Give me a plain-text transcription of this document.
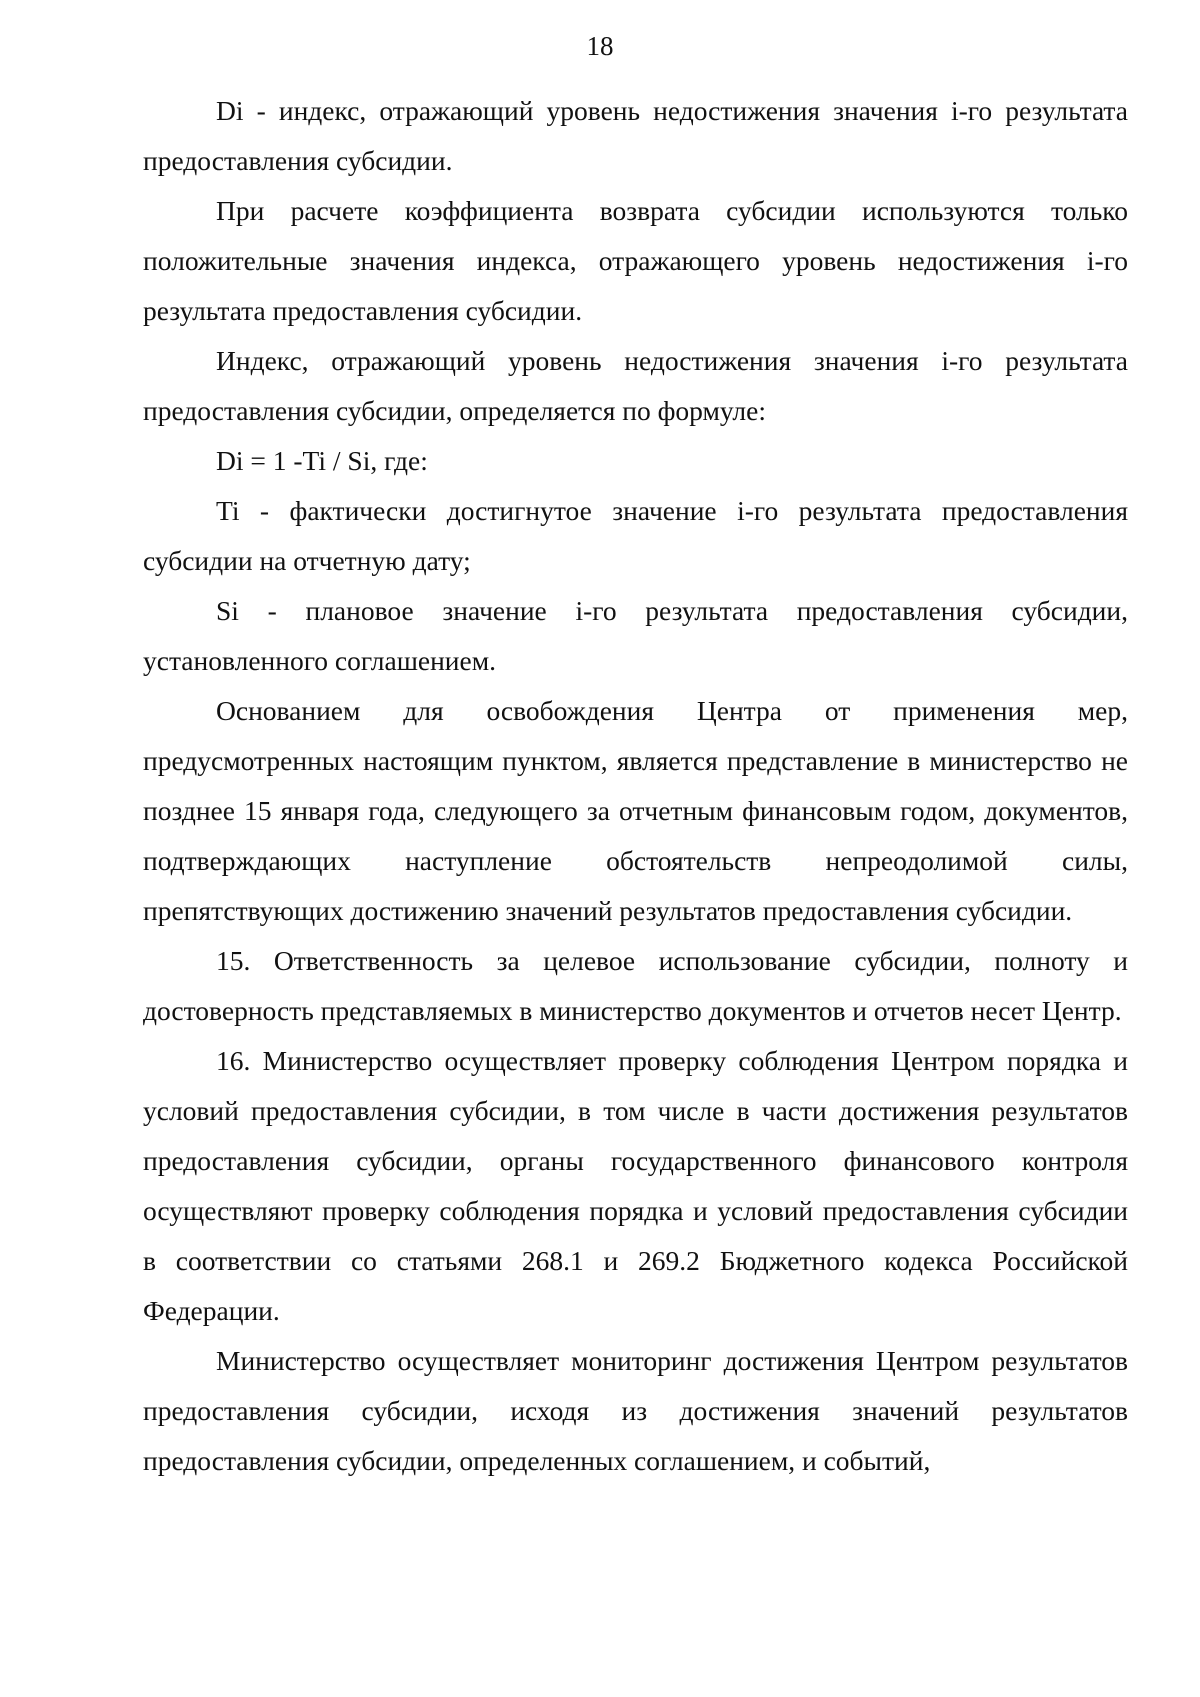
18

Di - индекс, отражающий уровень недостижения значения i-го результата предоставления субсидии.

При расчете коэффициента возврата субсидии используются только положительные значения индекса, отражающего уровень недостижения i-го результата предоставления субсидии.

Индекс, отражающий уровень недостижения значения i-го результата предоставления субсидии, определяется по формуле:

Di = 1 -Ti / Si, где:

Ti - фактически достигнутое значение i-го результата предоставления субсидии на отчетную дату;

Si - плановое значение i-го результата предоставления субсидии, установленного соглашением.

Основанием для освобождения Центра от применения мер, предусмотренных настоящим пунктом, является представление в министерство не позднее 15 января года, следующего за отчетным финансовым годом, документов, подтверждающих наступление обстоятельств непреодолимой силы, препятствующих достижению значений результатов предоставления субсидии.

15. Ответственность за целевое использование субсидии, полноту и достоверность представляемых в министерство документов и отчетов несет Центр.

16. Министерство осуществляет проверку соблюдения Центром порядка и условий предоставления субсидии, в том числе в части достижения результатов предоставления субсидии, органы государственного финансового контроля осуществляют проверку соблюдения порядка и условий предоставления субсидии в соответствии со статьями 268.1 и 269.2 Бюджетного кодекса Российской Федерации.

Министерство осуществляет мониторинг достижения Центром результатов предоставления субсидии, исходя из достижения значений результатов предоставления субсидии, определенных соглашением, и событий,
